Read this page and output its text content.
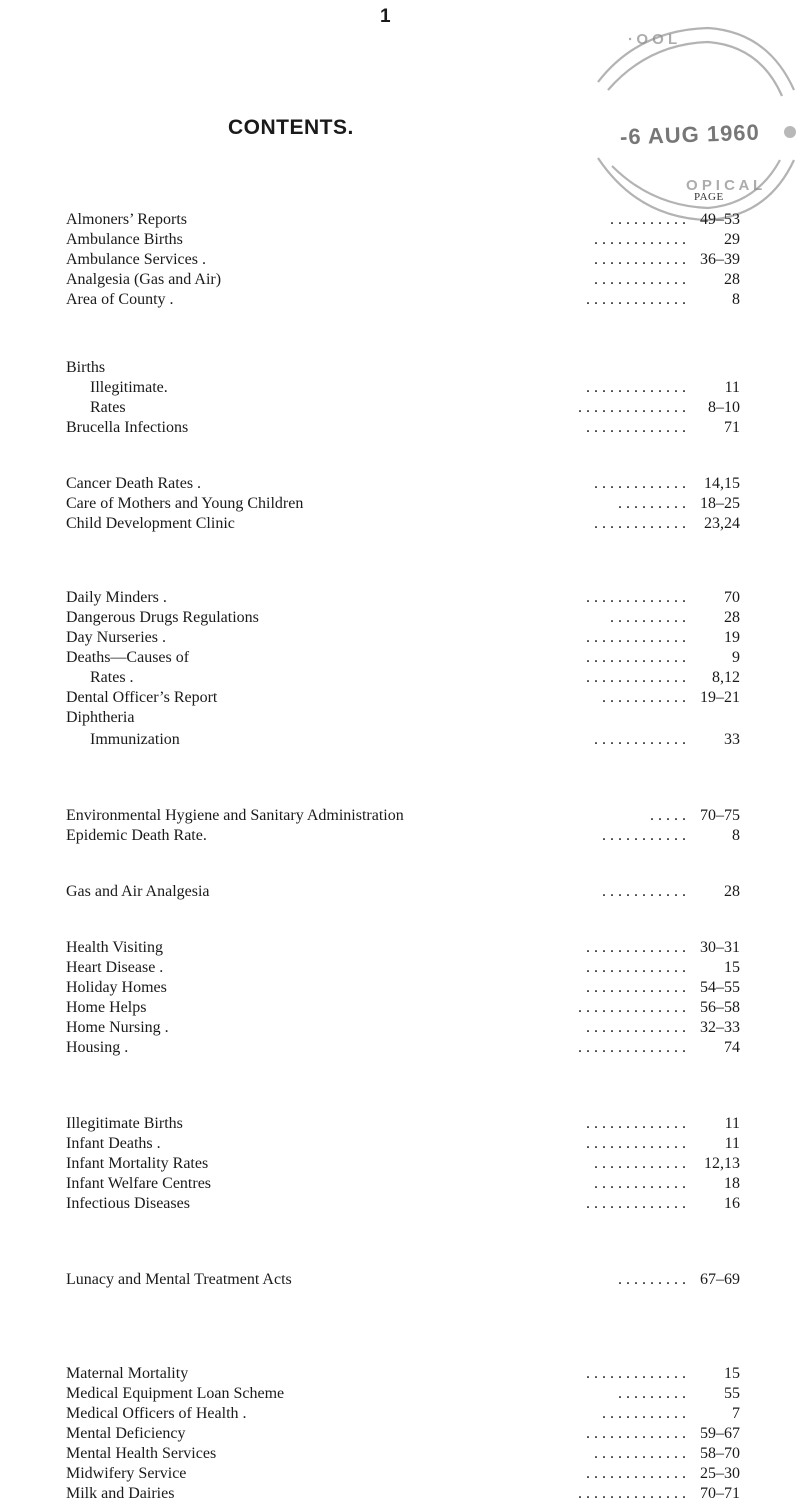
1
CONTENTS.
∙ O O L
O P I C A L
-6 AUG 1960
PAGE
Almoners’ Reports	. . . . . . . . . . 49–53
Ambulance Births	. . . . . . . . . . . . 29
Ambulance Services .	. . . . . . . . . . . . 36–39
Analgesia (Gas and Air)	. . . . . . . . . . . . 28
Area of County .	. . . . . . . . . . . . .	8
Births
Illegitimate.	. . . . . . . . . . . . . 11
Rates	. . . . . . . . . . . . . . 8–10
Brucella Infections	. . . . . . . . . . . . . 71
Cancer Death Rates .	. . . . . . . . . . . . 14,15
Care of Mothers and Young Children	. . . . . . . . . 18–25
Child Development Clinic	. . . . . . . . . . . . 23,24
Daily Minders .	. . . . . . . . . . . . . 70
Dangerous Drugs Regulations	. . . . . . . . . . 28
Day Nurseries .	. . . . . . . . . . . . . 19
Deaths—Causes of	. . . . . . . . . . . . .	9
Rates .	. . . . . . . . . . . . . 8,12
Dental Officer’s Report	. . . . . . . . . . . 19–21
Diphtheria
Immunization	. . . . . . . . . . . . 33
Environmental Hygiene and Sanitary Administration	. . . . . 70–75
Epidemic Death Rate.	. . . . . . . . . . .	8
Gas and Air Analgesia	. . . . . . . . . . . 28
Health Visiting	. . . . . . . . . . . . . 30–31
Heart Disease .	. . . . . . . . . . . . . 15
Holiday Homes	. . . . . . . . . . . . . 54–55
Home Helps	. . . . . . . . . . . . . . 56–58
Home Nursing .	. . . . . . . . . . . . . 32–33
Housing .	. . . . . . . . . . . . . . 74
Illegitimate Births	. . . . . . . . . . . . . 11
Infant Deaths .	. . . . . . . . . . . . . 11
Infant Mortality Rates	. . . . . . . . . . . . 12,13
Infant Welfare Centres	. . . . . . . . . . . . 18
Infectious Diseases	. . . . . . . . . . . . . 16
Lunacy and Mental Treatment Acts	. . . . . . . . . 67–69
Maternal Mortality	. . . . . . . . . . . . . 15
Medical Equipment Loan Scheme	. . . . . . . . . 55
Medical Officers of Health .	. . . . . . . . . . .	7
Mental Deficiency	. . . . . . . . . . . . . 59–67
Mental Health Services	. . . . . . . . . . . . 58–70
Midwifery Service	. . . . . . . . . . . . . 25–30
Milk and Dairies	. . . . . . . . . . . . . . 70–71
